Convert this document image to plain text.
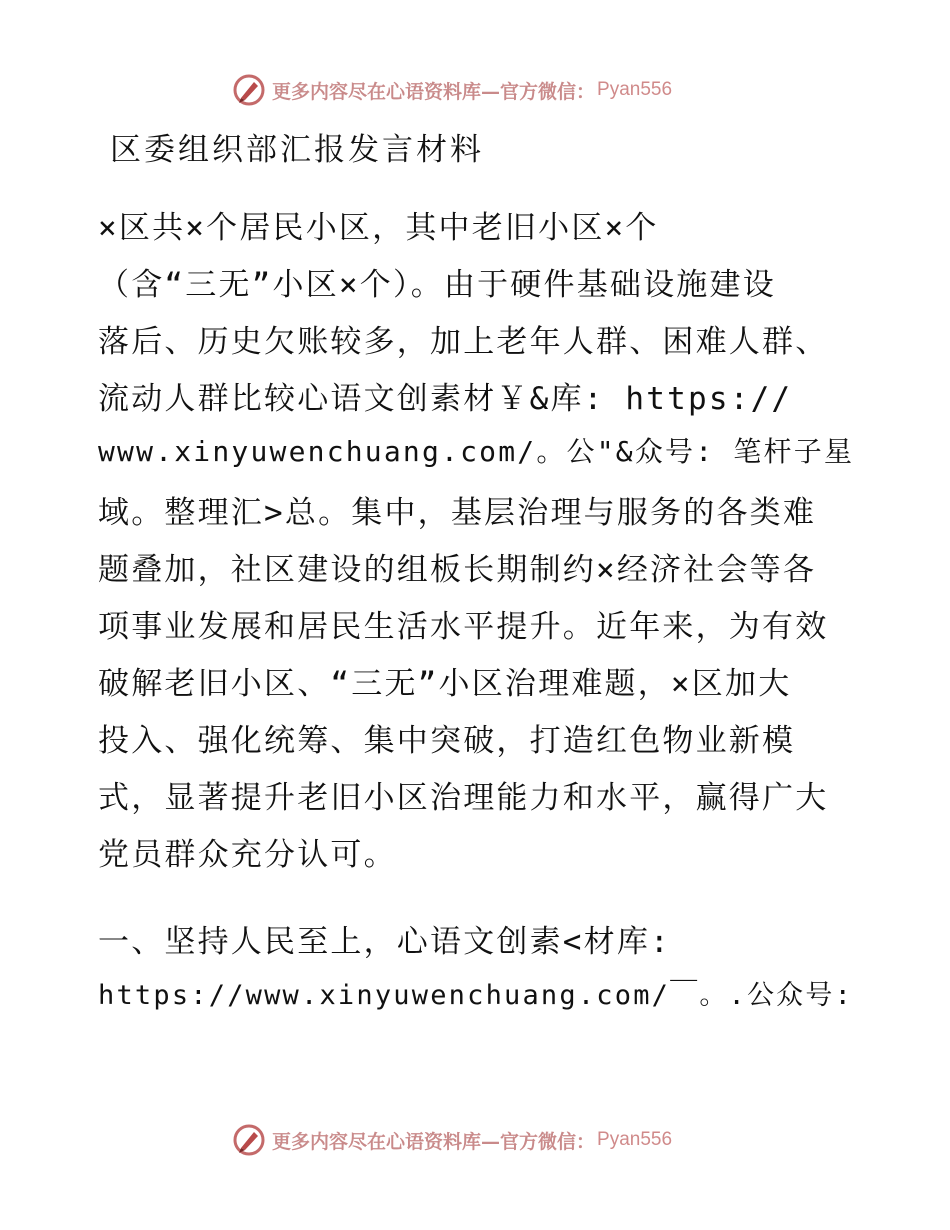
更多内容尽在心语资料库—官方微信： Pyan556
区委组织部汇报发言材料
×区共×个居民小区，其中老旧小区×个
（含“三无”小区×个）。由于硬件基础设施建设
落后、历史欠账较多，加上老年人群、困难人群、
流动人群比较心语文创素材￥&库: https://
www.xinyuwenchuang.com/。公"&众号: 笔杆子星
域。整理汇>总。集中，基层治理与服务的各类难
题叠加，社区建设的组板长期制约×经济社会等各
项事业发展和居民生活水平提升。近年来，为有效
破解老旧小区、“三无”小区治理难题，×区加大
投入、强化统筹、集中突破，打造红色物业新模
式，显著提升老旧小区治理能力和水平，赢得广大
党员群众充分认可。
一、坚持人民至上，心语文创素<材库:
https://www.xinyuwenchuang.com/￣。.公众号:
更多内容尽在心语资料库—官方微信： Pyan556
